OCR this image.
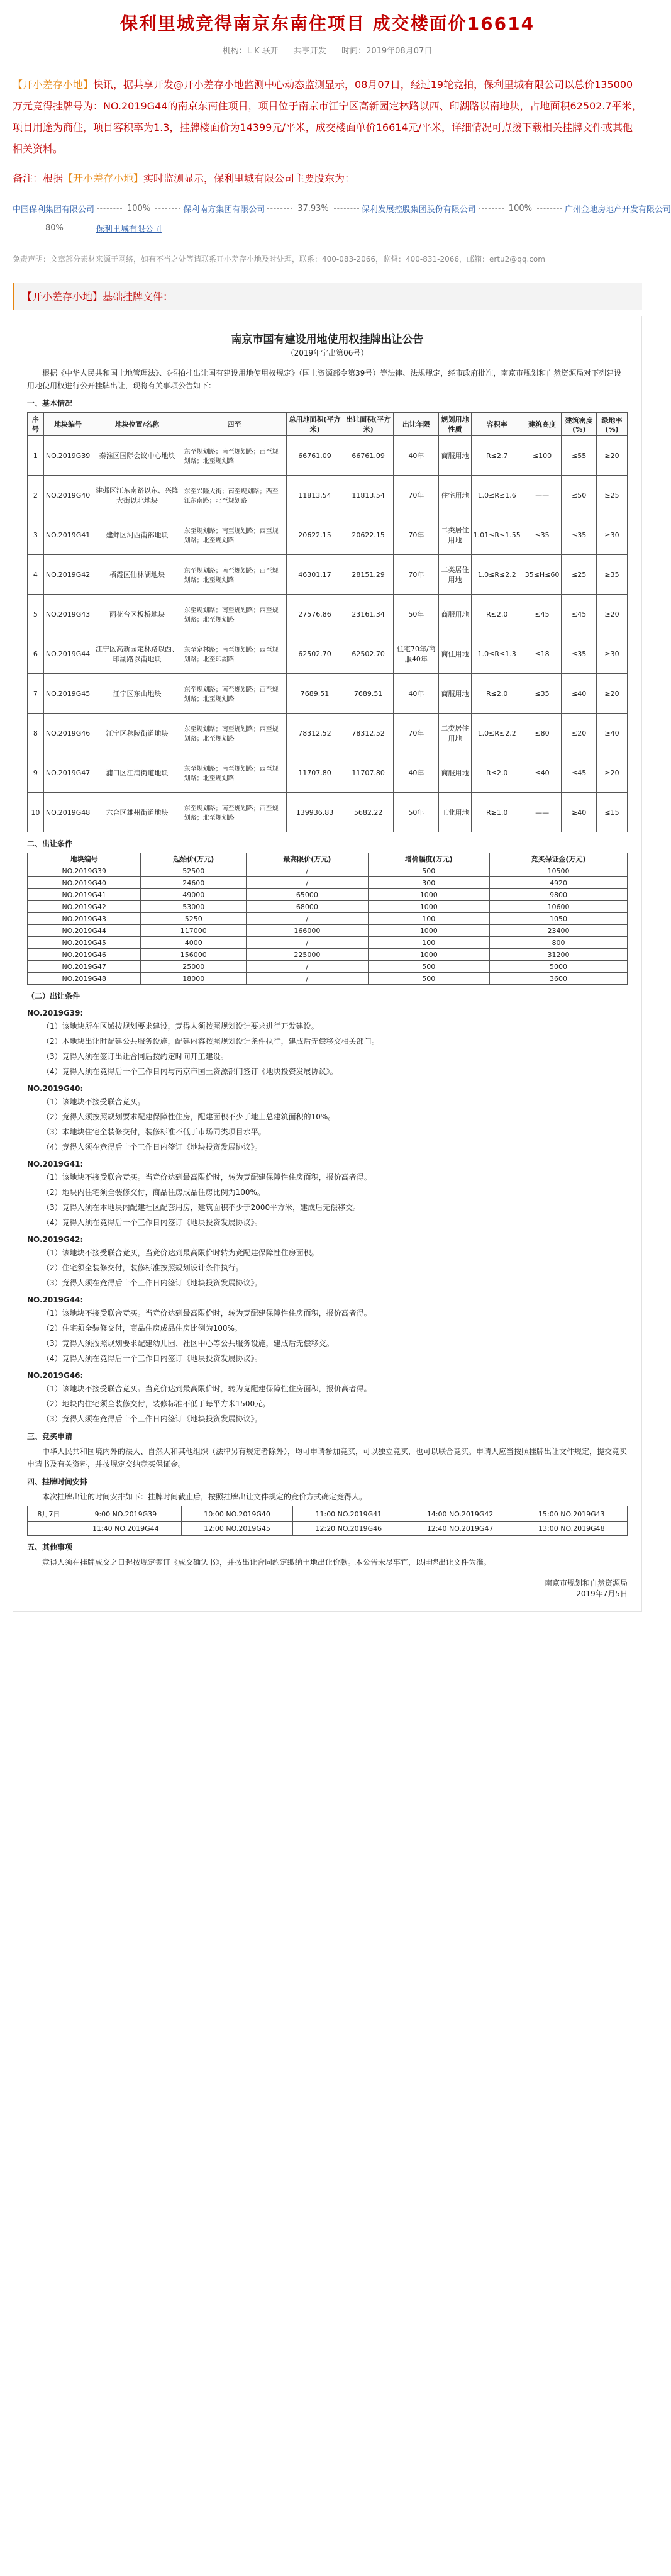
保利里城竞得南京东南住项目 成交楼面价16614
机构：L K 联开 共享开发 时间：2019年08月07日
【开小差存小地】快讯，据共享开发@开小差存小地监测中心动态监测显示，08月07日，经过19轮竞拍，保利里城有限公司以总价135000万元竞得挂牌号为：NO.2019G44的南京东南住项目，项目位于南京市江宁区高新园定林路以西、印湖路以南地块，占地面积62502.7平米，项目用途为商住，项目容积率为1.3，挂牌楼面价为14399元/平米，成交楼面单价16614元/平米，详细情况可点拨下载相关挂牌文件或其他相关资料。
备注：根据【开小差存小地】实时监测显示，保利里城有限公司主要股东为：
中国保利集团有限公司	100%	保利南方集团有限公司	37.93%	保利发展控股集团股份有限公司	100%	广州金地房地产开发有限公司
80%	保利里城有限公司
免责声明：文章部分素材来源于网络，如有不当之处等请联系开小差存小地及时处理，联系：400-083-2066，监督：400-831-2066，邮箱：ertu2@qq.com
【开小差存小地】基础挂牌文件：
南京市国有建设用地使用权挂牌出让公告
（2019年宁出第06号）

根据《中华人民共和国土地管理法》、《招拍挂出让国有建设用地使用权规定》（国土资源部令第39号）等法律、法规规定，经市政府批准，南京市规划和自然资源局对下列建设用地使用权进行公开挂牌出让，现将有关事项公告如下：

一、基本情况

序号	地块编号	地块位置/名称	四至	总用地面积(平方米)	出让面积(平方米)	出让年限	规划用地性质	容积率	建筑高度	建筑密度(%)	绿地率(%)
1	NO.2019G39	秦淮区国际会议中心地块	东至规划路；南至规划路；西至规划路；北至规划路	66761.09	66761.09	40年	商服用地	R≤2.7	≤100	≤55	≥20
2	NO.2019G40	建邺区江东南路以东、兴隆大街以北地块	东至兴隆大街；南至规划路；西至江东南路；北至规划路	11813.54	11813.54	70年	住宅用地	1.0≤R≤1.6	——	≤50	≥25
3	NO.2019G41	建邺区河西南部地块	东至规划路；南至规划路；西至规划路；北至规划路	20622.15	20622.15	70年	二类居住用地	1.01≤R≤1.55	≤35	≤35	≥30
4	NO.2019G42	栖霞区仙林湖地块	东至规划路；南至规划路；西至规划路；北至规划路	46301.17	28151.29	70年	二类居住用地	1.0≤R≤2.2	35≤H≤60	≤25	≥35
5	NO.2019G43	雨花台区板桥地块	东至规划路；南至规划路；西至规划路；北至规划路	27576.86	23161.34	50年	商服用地	R≤2.0	≤45	≤45	≥20
6	NO.2019G44	江宁区高新园定林路以西、印湖路以南地块	东至定林路；南至规划路；西至规划路；北至印湖路	62502.70	62502.70	住宅70年/商服40年	商住用地	1.0≤R≤1.3	≤18	≤35	≥30
7	NO.2019G45	江宁区东山地块	东至规划路；南至规划路；西至规划路；北至规划路	7689.51	7689.51	40年	商服用地	R≤2.0	≤35	≤40	≥20
8	NO.2019G46	江宁区秣陵街道地块	东至规划路；南至规划路；西至规划路；北至规划路	78312.52	78312.52	70年	二类居住用地	1.0≤R≤2.2	≤80	≤20	≥40
9	NO.2019G47	浦口区江浦街道地块	东至规划路；南至规划路；西至规划路；北至规划路	11707.80	11707.80	40年	商服用地	R≤2.0	≤40	≤45	≥20
10	NO.2019G48	六合区雄州街道地块	东至规划路；南至规划路；西至规划路；北至规划路	139936.83	5682.22	50年	工业用地	R≥1.0	——	≥40	≤15

二、出让条件

地块编号	起始价(万元)	最高限价(万元)	增价幅度(万元)	竞买保证金(万元)
NO.2019G39	52500	/	500	10500
NO.2019G40	24600	/	300	4920
NO.2019G41	49000	65000	1000	9800
NO.2019G42	53000	68000	1000	10600
NO.2019G43	5250	/	100	1050
NO.2019G44	117000	166000	1000	23400
NO.2019G45	4000	/	100	800
NO.2019G46	156000	225000	1000	31200
NO.2019G47	25000	/	500	5000
NO.2019G48	18000	/	500	3600

（二）出让条件

NO.2019G39:

（1）该地块所在区域按规划要求建设，竞得人须按照规划设计要求进行开发建设。

（2）本地块出让时配建公共服务设施，配建内容按照规划设计条件执行，建成后无偿移交相关部门。

（3）竞得人须在签订出让合同后按约定时间开工建设。

（4）竞得人须在竞得后十个工作日内与南京市国土资源部门签订《地块投资发展协议》。

NO.2019G40:

（1）该地块不接受联合竞买。

（2）竞得人须按照规划要求配建保障性住房，配建面积不少于地上总建筑面积的10%。

（3）本地块住宅全装修交付，装修标准不低于市场同类项目水平。

（4）竞得人须在竞得后十个工作日内签订《地块投资发展协议》。

NO.2019G41:

（1）该地块不接受联合竞买。当竞价达到最高限价时，转为竞配建保障性住房面积，报价高者得。

（2）地块内住宅须全装修交付，商品住房成品住房比例为100%。

（3）竞得人须在本地块内配建社区配套用房，建筑面积不少于2000平方米，建成后无偿移交。

（4）竞得人须在竞得后十个工作日内签订《地块投资发展协议》。

NO.2019G42:

（1）该地块不接受联合竞买，当竞价达到最高限价时转为竞配建保障性住房面积。

（2）住宅须全装修交付，装修标准按照规划设计条件执行。

（3）竞得人须在竞得后十个工作日内签订《地块投资发展协议》。

NO.2019G44:

（1）该地块不接受联合竞买。当竞价达到最高限价时，转为竞配建保障性住房面积，报价高者得。

（2）住宅须全装修交付，商品住房成品住房比例为100%。

（3）竞得人须按照规划要求配建幼儿园、社区中心等公共服务设施，建成后无偿移交。

（4）竞得人须在竞得后十个工作日内签订《地块投资发展协议》。

NO.2019G46:

（1）该地块不接受联合竞买。当竞价达到最高限价时，转为竞配建保障性住房面积，报价高者得。

（2）地块内住宅须全装修交付，装修标准不低于每平方米1500元。

（3）竞得人须在竞得后十个工作日内签订《地块投资发展协议》。

三、竞买申请

中华人民共和国境内外的法人、自然人和其他组织（法律另有规定者除外），均可申请参加竞买，可以独立竞买，也可以联合竞买。申请人应当按照挂牌出让文件规定，提交竞买申请书及有关资料，并按规定交纳竞买保证金。

四、挂牌时间安排

本次挂牌出让的时间安排如下：挂牌时间截止后，按照挂牌出让文件规定的竞价方式确定竞得人。

8月7日	9:00 NO.2019G39	10:00 NO.2019G40	11:00 NO.2019G41	14:00 NO.2019G42	15:00 NO.2019G43
	11:40 NO.2019G44	12:00 NO.2019G45	12:20 NO.2019G46	12:40 NO.2019G47	13:00 NO.2019G48

五、其他事项

竞得人须在挂牌成交之日起按规定签订《成交确认书》，并按出让合同约定缴纳土地出让价款。本公告未尽事宜，以挂牌出让文件为准。

南京市规划和自然资源局
2019年7月5日
